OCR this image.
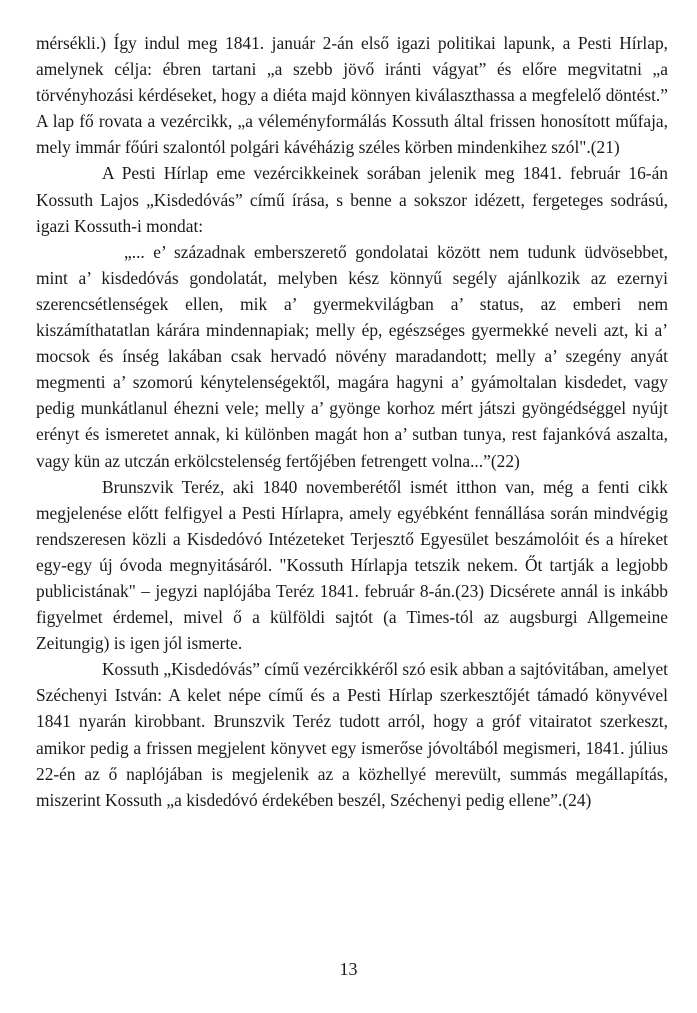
mérsékli.) Így indul meg 1841. január 2-án első igazi politikai lapunk, a Pesti Hírlap, amelynek célja: ébren tartani „a szebb jövő iránti vágyat” és előre megvitatni „a törvényhozási kérdéseket, hogy a diéta majd könnyen kiválaszthassa a megfelelő döntést.” A lap fő rovata a vezércikk, „a véleményformálás Kossuth által frissen honosított műfaja, mely immár főúri szalontól polgári kávéházig széles körben mindenkihez szól".(21)

A Pesti Hírlap eme vezércikkeinek sorában jelenik meg 1841. február 16-án Kossuth Lajos „Kisdedóvás” című írása, s benne a sokszor idézett, fergeteges sodrású, igazi Kossuth-i mondat:

„... e’ századnak emberszerető gondolatai között nem tudunk üdvösebbet, mint a’ kisdedóvás gondolatát, melyben kész könnyű segély ajánlkozik az ezernyi szerencsétlenségek ellen, mik a’ gyermekvilágban a’ status, az emberi nem kiszámíthatatlan kárára mindennapiak; melly ép, egészséges gyermekké neveli azt, ki a’ mocsok és ínség lakában csak hervadó növény maradandott; melly a’ szegény anyát megmenti a’ szomorú kénytelenségektől, magára hagyni a’ gyámoltalan kisdedet, vagy pedig munkátlanul éhezni vele; melly a’ gyönge korhoz mért játszi gyöngédséggel nyújt erényt és ismeretet annak, ki különben magát hon a’ sutban tunya, rest fajankóvá aszalta, vagy kün az utczán erkölcstelenség fertőjében fetrengett volna...”(22)

Brunszvik Teréz, aki 1840 novemberétől ismét itthon van, még a fenti cikk megjelenése előtt felfigyel a Pesti Hírlapra, amely egyébként fennállása során mindvégig rendszeresen közli a Kisdedóvó Intézeteket Terjesztő Egyesület beszámolóit és a híreket egy-egy új óvoda megnyitásáról. "Kossuth Hírlapja tetszik nekem. Őt tartják a legjobb publicistának" – jegyzi naplójába Teréz 1841. február 8-án.(23) Dicsérete annál is inkább figyelmet érdemel, mivel ő a külföldi sajtót (a Times-tól az augsburgi Allgemeine Zeitungig) is igen jól ismerte.

Kossuth „Kisdedóvás” című vezércikkéről szó esik abban a sajtóvitában, amelyet Széchenyi István: A kelet népe című és a Pesti Hírlap szerkesztőjét támadó könyvével 1841 nyarán kirobbant. Brunszvik Teréz tudott arról, hogy a gróf vitairatot szerkeszt, amikor pedig a frissen megjelent könyvet egy ismerőse jóvoltából megismeri, 1841. július 22-én az ő naplójában is megjelenik az a közhellyé merevült, summás megállapítás, miszerint Kossuth „a kisdedóvó érdekében beszél, Széchenyi pedig ellene”.(24)

13
